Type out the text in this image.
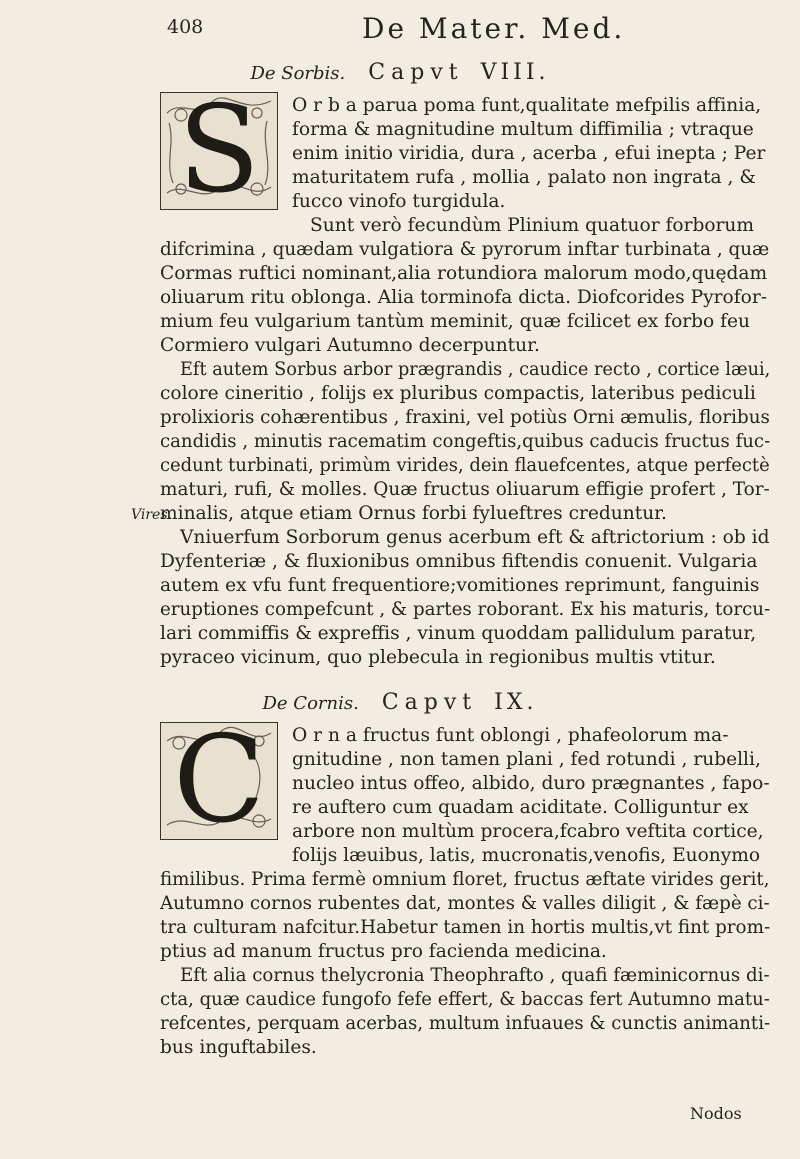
408	De Mater. Med.
De Sorbis. Capvt VIII.
S	O r b a parua poma funt,qualitate mefpilis affinia,
forma & magnitudine multum diffimilia ; vtraque
enim initio viridia, dura , acerba , efui inepta ; Per
maturitatem rufa , mollia , palato non ingrata , &
fucco vinofo turgidula.
Sunt verò fecundùm Plinium quatuor forborum
difcrimina , quædam vulgatiora & pyrorum inftar turbinata , quæ
Cormas ruftici nominant,alia rotundiora malorum modo,quędam
oliuarum ritu oblonga. Alia torminofa dicta. Diofcorides Pyrofor-
mium feu vulgarium tantùm meminit, quæ fcilicet ex forbo feu
Cormiero vulgari Autumno decerpuntur.
Eft autem Sorbus arbor prægrandis , caudice recto , cortice læui,
colore cineritio , folijs ex pluribus compactis, lateribus pediculi
prolixioris cohærentibus , fraxini, vel potiùs Orni æmulis, floribus
candidis , minutis racematim congeftis,quibus caducis fructus fuc-
cedunt turbinati, primùm virides, dein flauefcentes, atque perfectè
maturi, rufi, & molles. Quæ fructus oliuarum effigie profert , Tor-
minalis, atque etiam Ornus forbi fylueftres creduntur.
Vniuerfum Sorborum genus acerbum eft & aftrictorium : ob id
Dyfenteriæ , & fluxionibus omnibus fiftendis conuenit. Vulgaria
autem ex vfu funt frequentiore;vomitiones reprimunt, fanguinis
eruptiones compefcunt , & partes roborant. Ex his maturis, torcu-
lari commiffis & expreffis , vinum quoddam pallidulum paratur,
pyraceo vicinum, quo plebecula in regionibus multis vtitur.
Vires.
De Cornis. Capvt IX.
C	O r n a fructus funt oblongi , phafeolorum ma-
gnitudine , non tamen plani , fed rotundi , rubelli,
nucleo intus offeo, albido, duro prægnantes , fapo-
re auftero cum quadam aciditate. Colliguntur ex
arbore non multùm procera,fcabro veftita cortice,
folijs læuibus, latis, mucronatis,venofis, Euonymo
fimilibus. Prima fermè omnium floret, fructus æftate virides gerit,
Autumno cornos rubentes dat, montes & valles diligit , & fæpè ci-
tra culturam nafcitur.Habetur tamen in hortis multis,vt fint prom-
ptius ad manum fructus pro facienda medicina.
Eft alia cornus thelycronia Theophrafto , quafi fæminicornus di-
cta, quæ caudice fungofo fefe effert, & baccas fert Autumno matu-
refcentes, perquam acerbas, multum infuaues & cunctis animanti-
bus inguftabiles.
Nodos
